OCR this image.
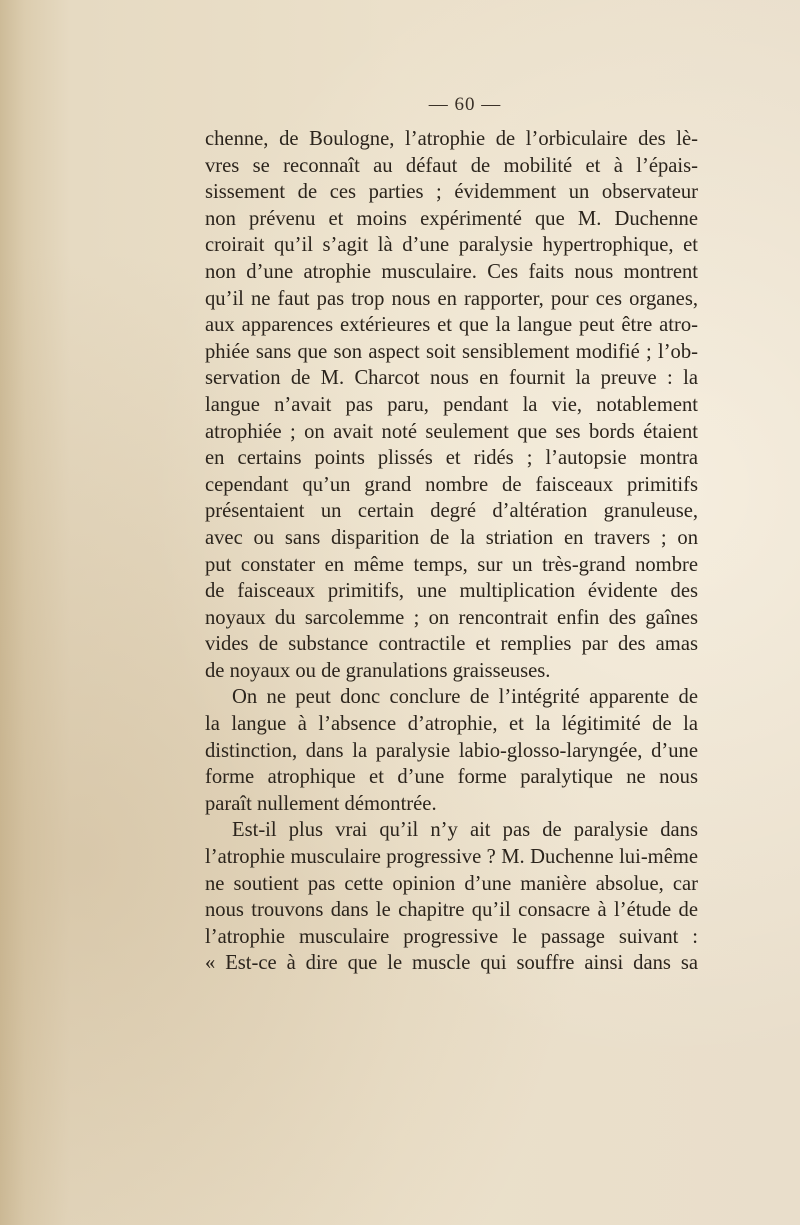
— 60 —
chenne, de Boulogne, l’atrophie de l’orbiculaire des lè-
vres se reconnaît au défaut de mobilité et à l’épais-
sissement de ces parties ; évidemment un observateur
non prévenu et moins expérimenté que M. Duchenne
croirait qu’il s’agit là d’une paralysie hypertrophique, et
non d’une atrophie musculaire. Ces faits nous montrent
qu’il ne faut pas trop nous en rapporter, pour ces organes,
aux apparences extérieures et que la langue peut être atro-
phiée sans que son aspect soit sensiblement modifié ; l’ob-
servation de M. Charcot nous en fournit la preuve : la
langue n’avait pas paru, pendant la vie, notablement
atrophiée ; on avait noté seulement que ses bords étaient
en certains points plissés et ridés ; l’autopsie montra
cependant qu’un grand nombre de faisceaux primitifs
présentaient un certain degré d’altération granuleuse,
avec ou sans disparition de la striation en travers ; on
put constater en même temps, sur un très-grand nombre
de faisceaux primitifs, une multiplication évidente des
noyaux du sarcolemme ; on rencontrait enfin des gaînes
vides de substance contractile et remplies par des amas
de noyaux ou de granulations graisseuses.
On ne peut donc conclure de l’intégrité apparente de
la langue à l’absence d’atrophie, et la légitimité de la
distinction, dans la paralysie labio-glosso-laryngée, d’une
forme atrophique et d’une forme paralytique ne nous
paraît nullement démontrée.
Est-il plus vrai qu’il n’y ait pas de paralysie dans
l’atrophie musculaire progressive ? M. Duchenne lui-même
ne soutient pas cette opinion d’une manière absolue, car
nous trouvons dans le chapitre qu’il consacre à l’étude de
l’atrophie musculaire progressive le passage suivant :
« Est-ce à dire que le muscle qui souffre ainsi dans sa
